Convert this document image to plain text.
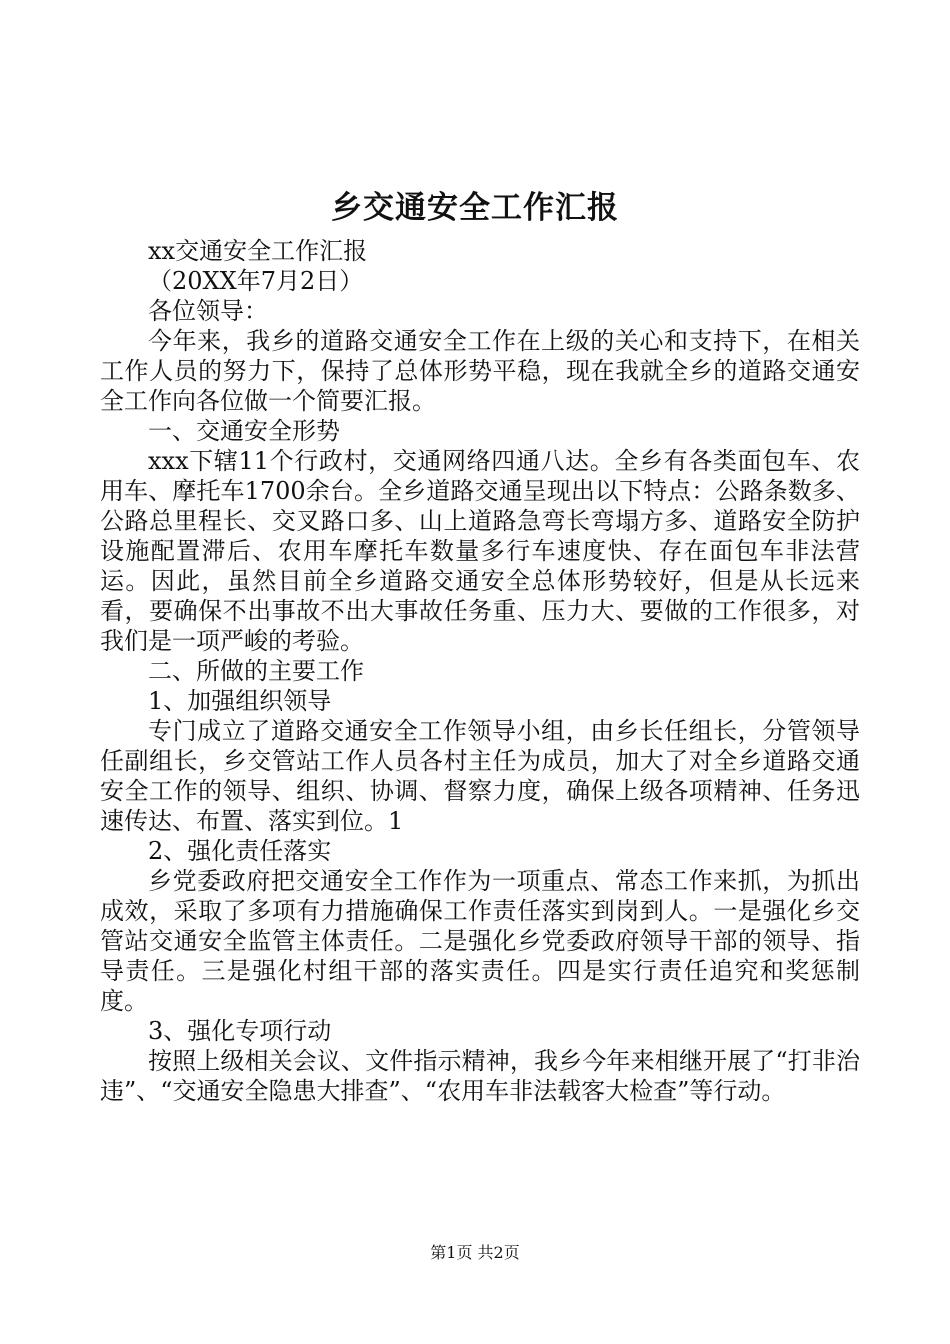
乡交通安全工作汇报

xx交通安全工作汇报

（20XX年7月2日）

各位领导：

今年来，我乡的道路交通安全工作在上级的关心和支持下，在相关工作人员的努力下，保持了总体形势平稳，现在我就全乡的道路交通安全工作向各位做一个简要汇报。

一、交通安全形势

xxx下辖11个行政村，交通网络四通八达。全乡有各类面包车、农用车、摩托车1700余台。全乡道路交通呈现出以下特点：公路条数多、公路总里程长、交叉路口多、山上道路急弯长弯塌方多、道路安全防护设施配置滞后、农用车摩托车数量多行车速度快、存在面包车非法营运。因此，虽然目前全乡道路交通安全总体形势较好，但是从长远来看，要确保不出事故不出大事故任务重、压力大、要做的工作很多，对我们是一项严峻的考验。

二、所做的主要工作

1、加强组织领导

专门成立了道路交通安全工作领导小组，由乡长任组长，分管领导任副组长，乡交管站工作人员各村主任为成员，加大了对全乡道路交通安全工作的领导、组织、协调、督察力度，确保上级各项精神、任务迅速传达、布置、落实到位。1

2、强化责任落实

乡党委政府把交通安全工作作为一项重点、常态工作来抓，为抓出成效，采取了多项有力措施确保工作责任落实到岗到人。一是强化乡交管站交通安全监管主体责任。二是强化乡党委政府领导干部的领导、指导责任。三是强化村组干部的落实责任。四是实行责任追究和奖惩制度。

3、强化专项行动

按照上级相关会议、文件指示精神，我乡今年来相继开展了“打非治违”、“交通安全隐患大排查”、“农用车非法载客大检查”等行动。

第1页 共2页
